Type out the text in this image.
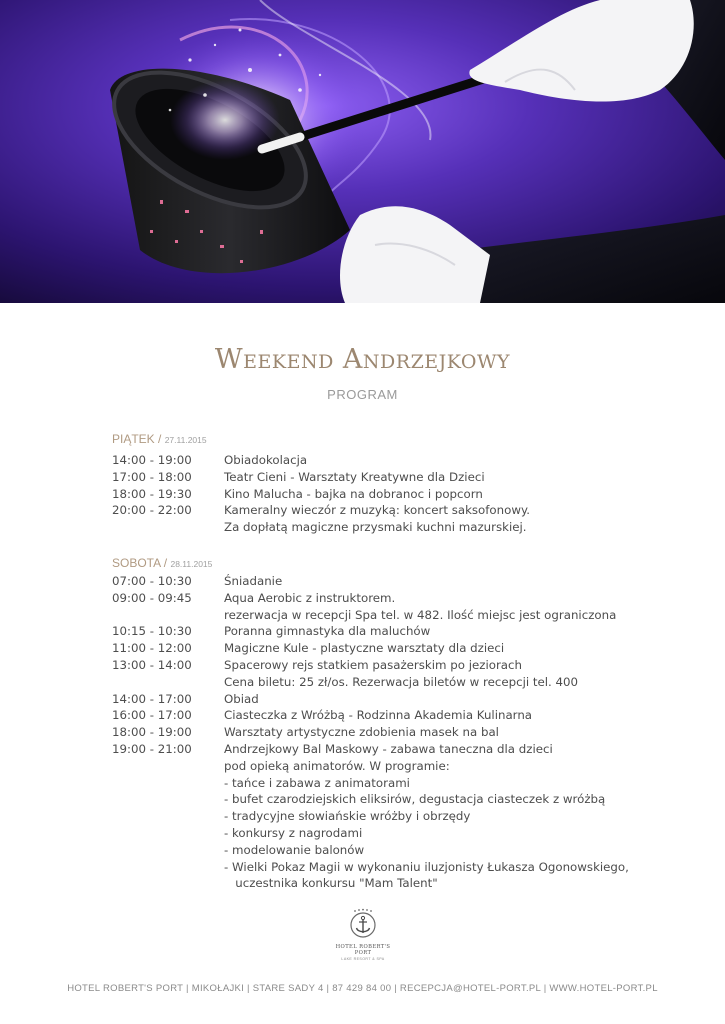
Weekend Andrzejkowy
PROGRAM
PIĄTEK / 27.11.2015
14:00 - 19:00	Obiadokolacja
17:00 - 18:00	Teatr Cieni - Warsztaty Kreatywne dla Dzieci
18:00 - 19:30	Kino Malucha - bajka na dobranoc i popcorn
20:00 - 22:00	Kameralny wieczór z muzyką: koncert saksofonowy.
Za dopłatą magiczne przysmaki kuchni mazurskiej.
SOBOTA / 28.11.2015
07:00 - 10:30	Śniadanie
09:00 - 09:45	Aqua Aerobic z instruktorem.
rezerwacja w recepcji Spa tel. w 482. Ilość miejsc jest ograniczona
10:15 - 10:30	Poranna gimnastyka dla maluchów
11:00 - 12:00	Magiczne Kule - plastyczne warsztaty dla dzieci
13:00 - 14:00	Spacerowy rejs statkiem pasażerskim po jeziorach
Cena biletu: 25 zł/os. Rezerwacja biletów w recepcji tel. 400
14:00 - 17:00	Obiad
16:00 - 17:00	Ciasteczka z Wróżbą - Rodzinna Akademia Kulinarna
18:00 - 19:00	Warsztaty artystyczne zdobienia masek na bal
19:00 - 21:00	Andrzejkowy Bal Maskowy - zabawa taneczna dla dzieci
pod opieką animatorów. W programie:
- tańce i zabawa z animatorami
- bufet czarodziejskich eliksirów, degustacja ciasteczek z wróżbą
- tradycyjne słowiańskie wróżby i obrzędy
- konkursy z nagrodami
- modelowanie balonów
- Wielki Pokaz Magii w wykonaniu iluzjonisty Łukasza Ogonowskiego,
uczestnika konkursu "Mam Talent"
HOTEL ROBERT'S PORT
LAKE RESORT & SPA
HOTEL ROBERT'S PORT | MIKOŁAJKI | STARE SADY 4 | 87 429 84 00 | RECEPCJA@HOTEL-PORT.PL | WWW.HOTEL-PORT.PL
